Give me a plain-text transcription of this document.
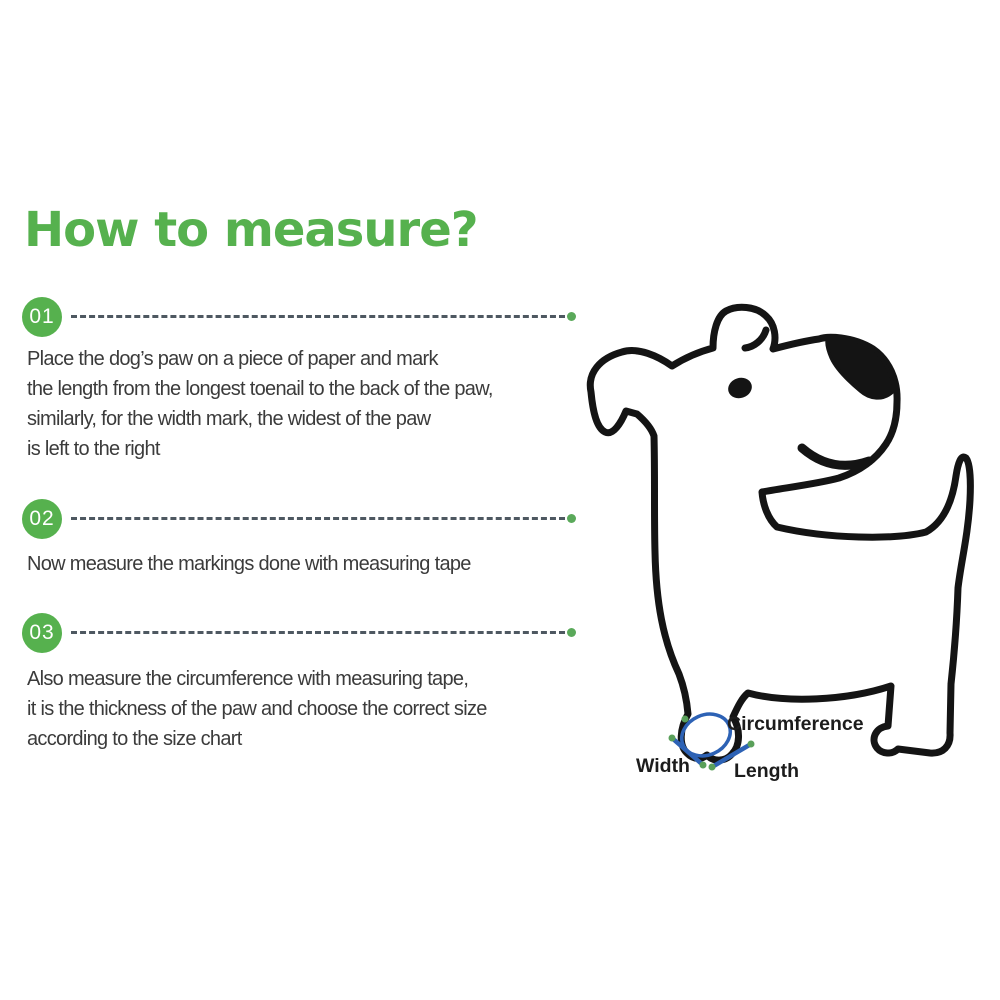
How to measure?
01
Place the dog’s paw on a piece of paper and mark
the length from the longest toenail to the back of the paw,
similarly, for the width mark, the widest of the paw
is left to the right
02
Now measure the markings done with measuring tape
03
Also measure the circumference with measuring tape,
it is the thickness of the paw and choose the correct size
according to the size chart
Circumference
Width Length
